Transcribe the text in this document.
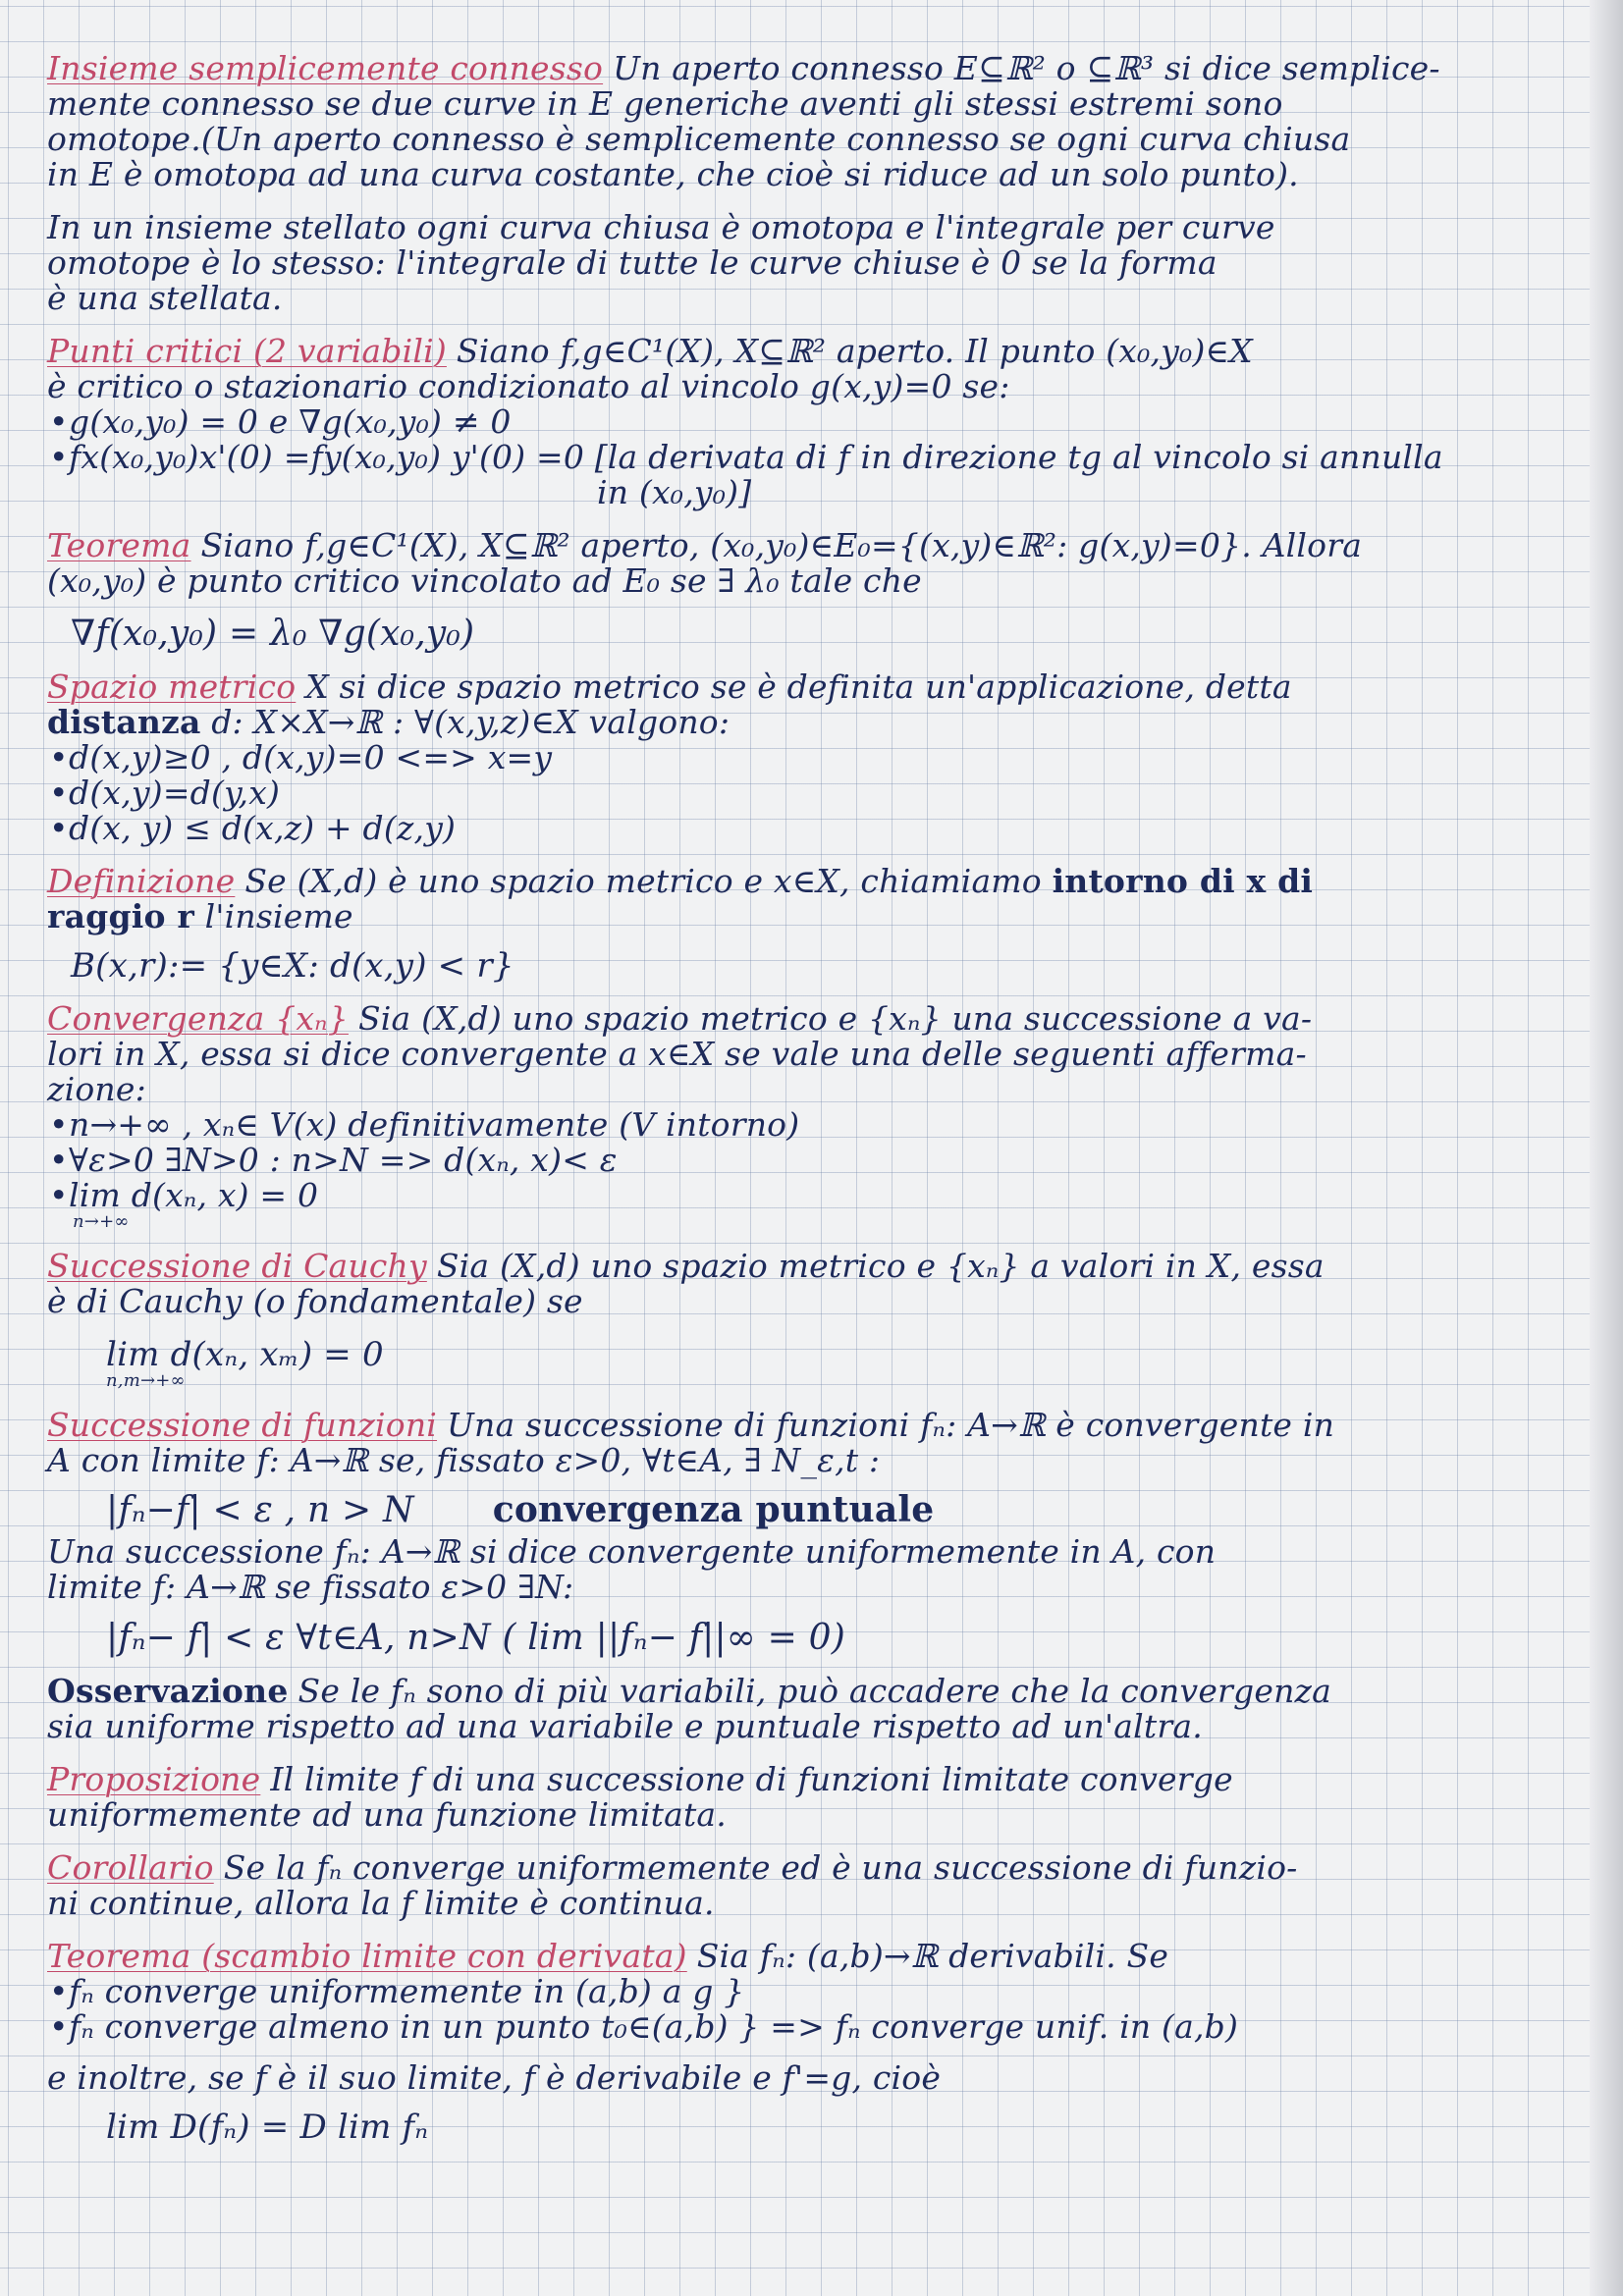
Insieme semplicemente connesso Un aperto connesso E⊆ℝ² o ⊆ℝ³ si dice semplice-

mente connesso se due curve in E generiche aventi gli stessi estremi sono

omotope.(Un aperto connesso è semplicemente connesso se ogni curva chiusa

in E è omotopa ad una curva costante, che cioè si riduce ad un solo punto).

In un insieme stellato ogni curva chiusa è omotopa e l'integrale per curve

omotope è lo stesso: l'integrale di tutte le curve chiuse è 0 se la forma

è una stellata.

Punti critici (2 variabili) Siano f,g∈C¹(X), X⊆ℝ² aperto. Il punto (x₀,y₀)∈X

è critico o stazionario condizionato al vincolo g(x,y)=0 se:

• g(x₀,y₀) = 0 e ∇g(x₀,y₀) ≠ 0
• fx(x₀,y₀)x'(0) =fy(x₀,y₀) y'(0) =0 [la derivata di f in direzione tg al vincolo si annulla

in (x₀,y₀)]

Teorema Siano f,g∈C¹(X), X⊆ℝ² aperto, (x₀,y₀)∈E₀={(x,y)∈ℝ²: g(x,y)=0}. Allora

(x₀,y₀) è punto critico vincolato ad E₀ se ∃ λ₀ tale che

∇f(x₀,y₀) = λ₀ ∇g(x₀,y₀)

Spazio metrico X si dice spazio metrico se è definita un'applicazione, detta

distanza d: X×X→ℝ : ∀(x,y,z)∈X valgono:

• d(x,y)≥0 , d(x,y)=0 <=> x=y
• d(x,y)=d(y,x)
• d(x, y) ≤ d(x,z) + d(z,y)

Definizione Se (X,d) è uno spazio metrico e x∈X, chiamiamo intorno di x di

raggio r l'insieme

B(x,r):= {y∈X: d(x,y) < r}

Convergenza {xₙ} Sia (X,d) uno spazio metrico e {xₙ} una successione a va-

lori in X, essa si dice convergente a x∈X se vale una delle seguenti afferma-

zione:

• n→+∞ , xₙ∈ V(x) definitivamente (V intorno)
• ∀ε>0 ∃N>0 : n>N => d(xₙ, x)< ε
• lim d(xₙ, x) = 0

n→+∞

Successione di Cauchy Sia (X,d) uno spazio metrico e {xₙ} a valori in X, essa

è di Cauchy (o fondamentale) se

lim d(xₙ, xₘ) = 0

n,m→+∞

Successione di funzioni Una successione di funzioni fₙ: A→ℝ è convergente in

A con limite f: A→ℝ se, fissato ε>0, ∀t∈A, ∃ N_ε,t :

|fₙ−f| < ε , n > N convergenza puntuale

Una successione fₙ: A→ℝ si dice convergente uniformemente in A, con

limite f: A→ℝ se fissato ε>0 ∃N:

|fₙ− f| < ε ∀t∈A, n>N ( lim ||fₙ− f||∞ = 0)

Osservazione Se le fₙ sono di più variabili, può accadere che la convergenza

sia uniforme rispetto ad una variabile e puntuale rispetto ad un'altra.

Proposizione Il limite f di una successione di funzioni limitate converge

uniformemente ad una funzione limitata.

Corollario Se la fₙ converge uniformemente ed è una successione di funzio-

ni continue, allora la f limite è continua.

Teorema (scambio limite con derivata) Sia fₙ: (a,b)→ℝ derivabili. Se

• fₙ converge uniformemente in (a,b) a g }
• fₙ converge almeno in un punto t₀∈(a,b) } => fₙ converge unif. in (a,b)

e inoltre, se f è il suo limite, f è derivabile e f'=g, cioè

lim D(fₙ) = D lim fₙ
